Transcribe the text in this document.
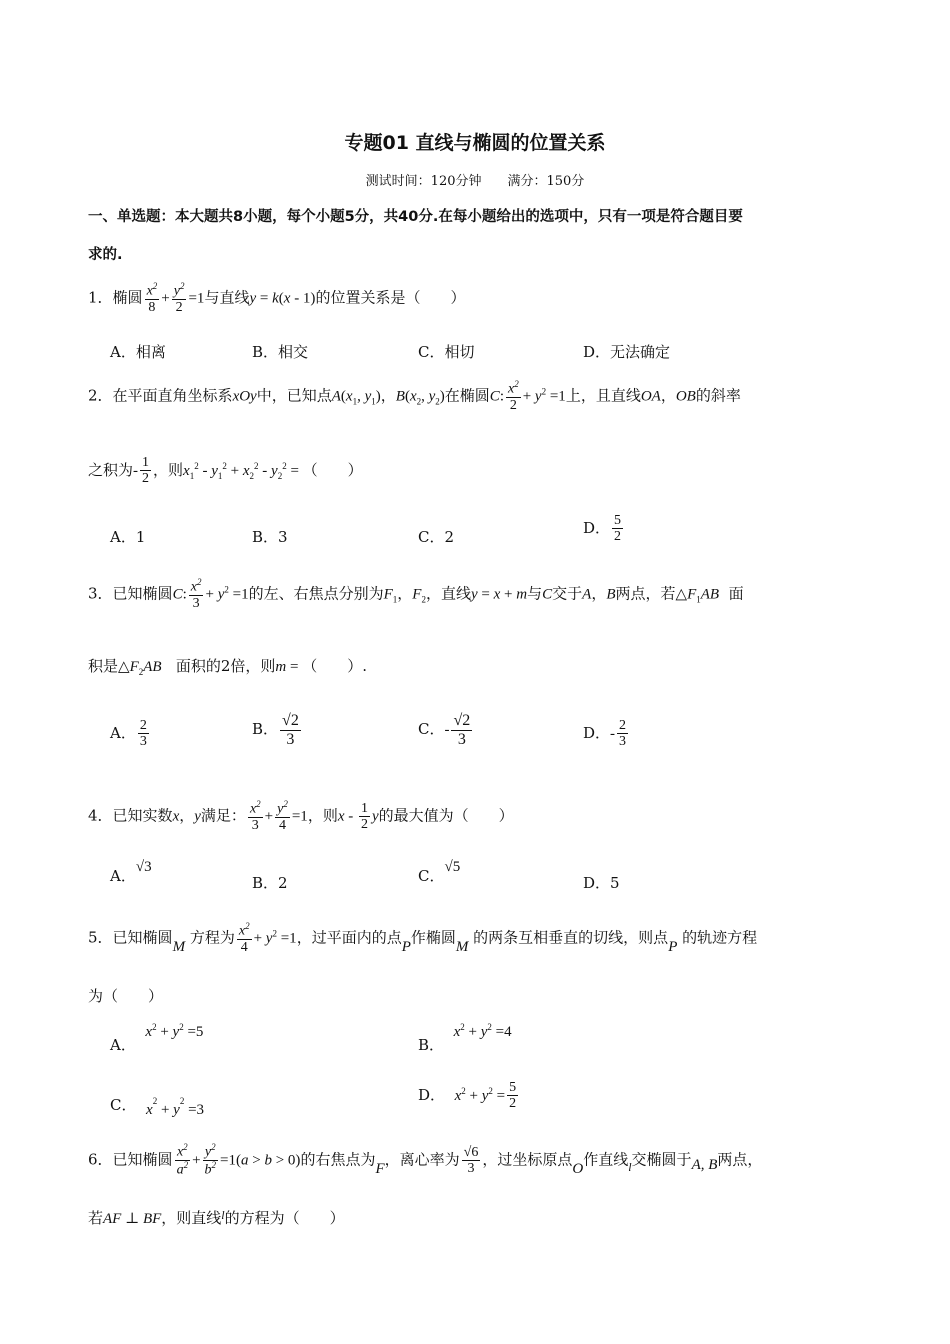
专题01 直线与椭圆的位置关系
测试时间：120分钟　　满分：150分
一、单选题：本大题共8小题，每个小题5分，共40分.在每小题给出的选项中，只有一项是符合题目要
求的.
1．椭圆 $\frac{x^2}{8} + \frac{y^2}{2} =1$与直线y = k(x - 1)的位置关系是（　　）
A．相离	B．相交	C．相切	D．无法确定
2．在平面直角坐标系xOy中，已知点$A(x_1$, $y_1$)，$B(x_2$, $y_2$)在椭圆C: $\frac{x^2}{2} + y^2 =1$上，且直线OA，OB的斜率
之积为- $\frac{1}{2}$ ，则$x_1^2 - y_1^2 + x_2^2 - y_2^2$ = （　　）
A．1	B．3	C．2
D． $\frac{5}{2}$
3．已知椭圆C: $\frac{x^2}{3} + y^2 =1$的左、右焦点分别为$F_1$，$F_2$，直线y = x + m与C交于A，B两点，若$\triangle F_1AB$ 面
积是$\triangle F_2AB$ 面积的2倍，则m = （　　）.
A． $\frac{2}{3}$	B． $\frac{√2}{3}$	C．- $\frac{√2}{3}$	D．- $\frac{2}{3}$
4．已知实数x，y满足： $\frac{x^2}{3} + \frac{y^2}{4} =1$，则x - $\frac{1}{2}$ y的最大值为（　　）
A．√3
B．2	C．√5
D．5
5．已知椭圆M 方程为 $\frac{x^2}{4} + y^2 =1$，过平面内的点P作椭圆M 的两条互相垂直的切线，则点P 的轨迹方程
为（　　）
A．  $x^2 + y^2 =5$
B．  $x^2 + y^2 =4$
C． $x^2 + y^2 =3$
D． $x^2 + y^2 = \frac{5}{2}$
6．已知椭圆 $\frac{x^2}{a^2} + \frac{y^2}{b^2} =1(a > b > 0)$的右焦点为F，离心率为 $\frac{√6}{3}$ ，过坐标原点O作直线$_l$交椭圆于A, B两点，
若AF ⊥ BF，则直线$^l$的方程为（　　）
